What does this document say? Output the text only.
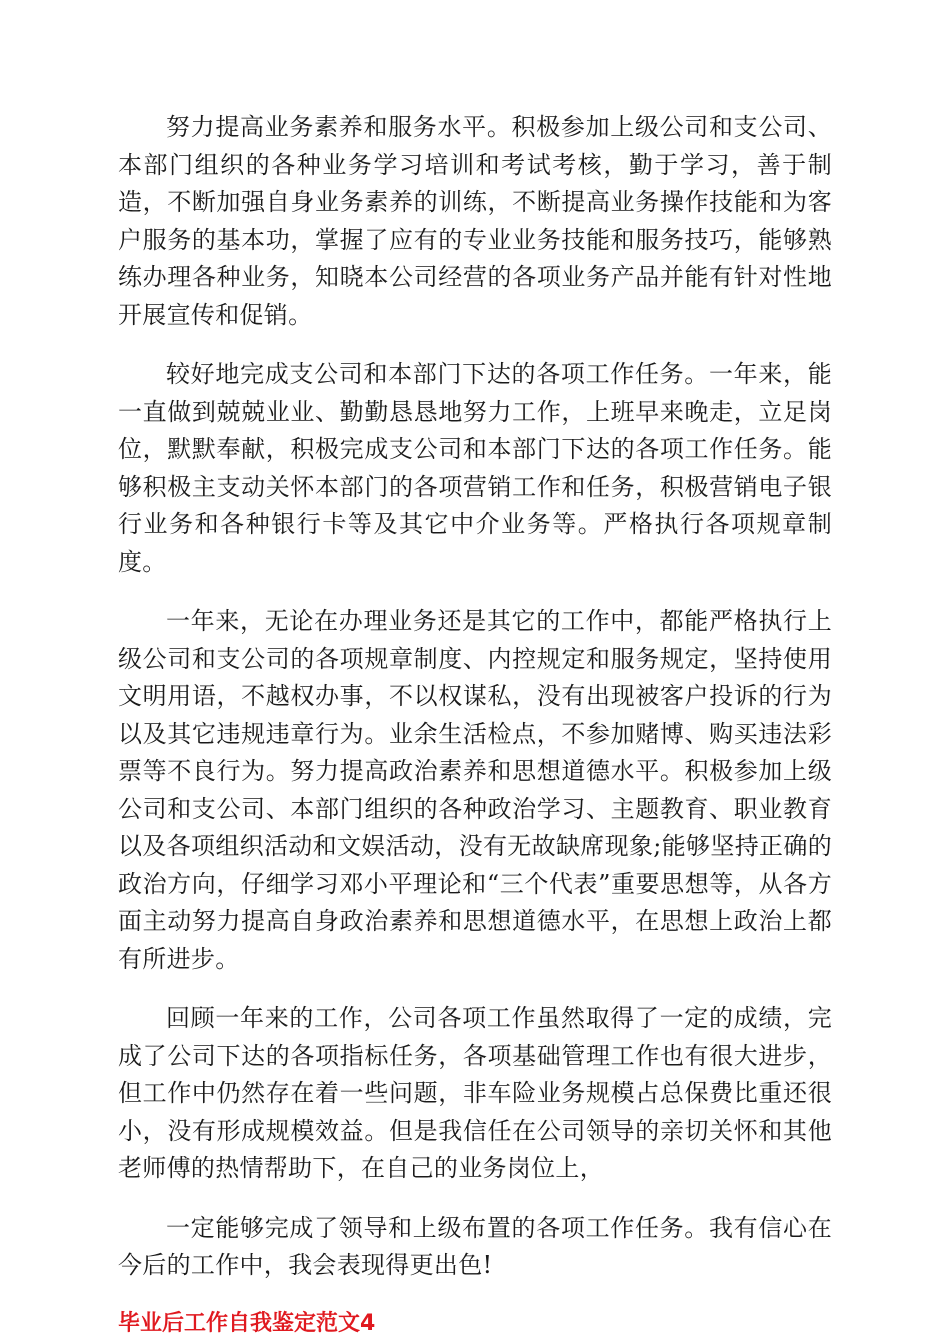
努力提高业务素养和服务水平。积极参加上级公司和支公司、本部门组织的各种业务学习培训和考试考核，勤于学习，善于制造，不断加强自身业务素养的训练，不断提高业务操作技能和为客户服务的基本功，掌握了应有的专业业务技能和服务技巧，能够熟练办理各种业务，知晓本公司经营的各项业务产品并能有针对性地开展宣传和促销。

较好地完成支公司和本部门下达的各项工作任务。一年来，能一直做到兢兢业业、勤勤恳恳地努力工作，上班早来晚走，立足岗位，默默奉献，积极完成支公司和本部门下达的各项工作任务。能够积极主支动关怀本部门的各项营销工作和任务，积极营销电子银行业务和各种银行卡等及其它中介业务等。严格执行各项规章制度。

一年来，无论在办理业务还是其它的工作中，都能严格执行上级公司和支公司的各项规章制度、内控规定和服务规定，坚持使用文明用语，不越权办事，不以权谋私，没有出现被客户投诉的行为以及其它违规违章行为。业余生活检点，不参加赌博、购买违法彩票等不良行为。努力提高政治素养和思想道德水平。积极参加上级公司和支公司、本部门组织的各种政治学习、主题教育、职业教育以及各项组织活动和文娱活动，没有无故缺席现象;能够坚持正确的政治方向，仔细学习邓小平理论和“三个代表”重要思想等，从各方面主动努力提高自身政治素养和思想道德水平，在思想上政治上都有所进步。

回顾一年来的工作，公司各项工作虽然取得了一定的成绩，完成了公司下达的各项指标任务，各项基础管理工作也有很大进步，但工作中仍然存在着一些问题，非车险业务规模占总保费比重还很小，没有形成规模效益。但是我信任在公司领导的亲切关怀和其他老师傅的热情帮助下，在自己的业务岗位上，

一定能够完成了领导和上级布置的各项工作任务。我有信心在今后的工作中，我会表现得更出色!

毕业后工作自我鉴定范文4
